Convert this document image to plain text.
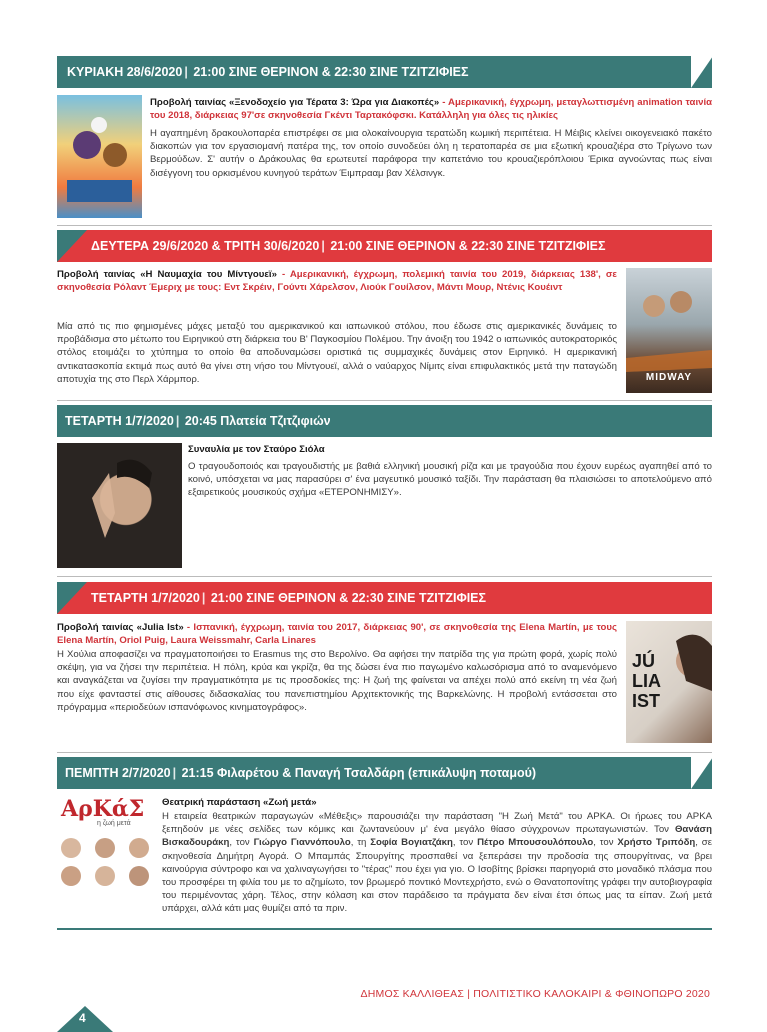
ΚΥΡΙΑΚΗ 28/6/2020 | 21:00 ΣΙΝΕ ΘΕΡΙΝΟΝ & 22:30 ΣΙΝΕ ΤΖΙΤΖΙΦΙΕΣ

Προβολή ταινίας «Ξενοδοχείο για Τέρατα 3: Ώρα για Διακοπές» - Αμερικανική, έγχρωμη, μεταγλωττισμένη animation ταινία του 2018, διάρκειας 97'σε σκηνοθεσία Γκέντι Ταρτακόφσκι. Κατάλληλη για όλες τις ηλικίες

Η αγαπημένη δρακουλοπαρέα επιστρέφει σε μια ολοκαίνουργια τερατώδη κωμική περιπέτεια. Η Μέιβις κλείνει οικογενειακό πακέτο διακοπών για τον εργασιομανή πατέρα της, τον οποίο συνοδεύει όλη η τερατοπαρέα σε μια εξωτική κρουαζιέρα στο Τρίγωνο των Βερμούδων. Σ' αυτήν ο Δράκουλας θα ερωτευτεί παράφορα την καπετάνιο του κρουαζιερόπλοιου Έρικα αγνοώντας πως είναι δισέγγονη του ορκισμένου κυνηγού τεράτων Έιμπρααμ βαν Χέλσινγκ.

ΔΕΥΤΕΡΑ 29/6/2020 & ΤΡΙΤΗ 30/6/2020 | 21:00 ΣΙΝΕ ΘΕΡΙΝΟΝ & 22:30 ΣΙΝΕ ΤΖΙΤΖΙΦΙΕΣ

Προβολή ταινίας «Η Ναυμαχία του Μίντγουεϊ» - Αμερικανική, έγχρωμη, πολεμική ταινία του 2019, διάρκειας 138', σε σκηνοθεσία Ρόλαντ Έμεριχ με τους: Εντ Σκρέιν, Γούντι Χάρελσον, Λιούκ Γουίλσον, Μάντι Μουρ, Ντένις Κουέιντ

Μία από τις πιο φημισμένες μάχες μεταξύ του αμερικανικού και ιαπωνικού στόλου, που έδωσε στις αμερικανικές δυνάμεις το προβάδισμα στο μέτωπο του Ειρηνικού στη διάρκεια του Β' Παγκοσμίου Πολέμου. Την άνοιξη του 1942 ο ιαπωνικός αυτοκρατορικός στόλος ετοιμάζει το χτύπημα το οποίο θα αποδυναμώσει οριστικά τις συμμαχικές δυνάμεις στον Ειρηνικό. Η αμερικανική αντικατασκοπία εκτιμά πως αυτό θα γίνει στη νήσο του Μίντγουεϊ, αλλά ο ναύαρχος Νίμιτς είναι επιφυλακτικός μετά την παταγώδη αποτυχία της στο Περλ Χάρμπορ.	MIDWAY
ΤΕΤΑΡΤΗ 1/7/2020 | 20:45 Πλατεία Τζιτζιφιών

Συναυλία με τον Σταύρο Σιόλα

Ο τραγουδοποιός και τραγουδιστής με βαθιά ελληνική μουσική ρίζα και με τραγούδια που έχουν ευρέως αγαπηθεί από το κοινό, υπόσχεται να μας παρασύρει σ' ένα μαγευτικό μουσικό ταξίδι. Την παράσταση θα πλαισιώσει το αποτελούμενο από εξαιρετικούς μουσικούς σχήμα «ΕΤΕΡΟΝΗΜΙΣΥ».

ΤΕΤΑΡΤΗ 1/7/2020 | 21:00 ΣΙΝΕ ΘΕΡΙΝΟΝ & 22:30 ΣΙΝΕ ΤΖΙΤΖΙΦΙΕΣ

Προβολή ταινίας «Julia Ist» - Ισπανική, έγχρωμη, ταινία του 2017, διάρκειας 90', σε σκηνοθεσία της Elena Martín, με τους Elena Martín, Oriol Puig, Laura Weissmahr, Carla Linares

Η Χούλια αποφασίζει να πραγματοποιήσει το Erasmus της στο Βερολίνο. Θα αφήσει την πατρίδα της για πρώτη φορά, χωρίς πολύ σκέψη, για να ζήσει την περιπέτεια. Η πόλη, κρύα και γκρίζα, θα της δώσει ένα πιο παγωμένο καλωσόρισμα από το αναμενόμενο και αναγκάζεται να ζυγίσει την πραγματικότητα με τις προσδοκίες της: Η ζωή της φαίνεται να απέχει πολύ από εκείνη τη νέα ζωή που είχε φανταστεί στις αίθουσες διδασκαλίας του πανεπιστημίου Αρχιτεκτονικής της Βαρκελώνης. Η προβολή εντάσσεται στο πρόγραμμα «περιοδεύων ισπανόφωνος κινηματογράφος».

JÚ LIA IST
ΠΕΜΠΤΗ 2/7/2020 | 21:15 Φιλαρέτου & Παναγή Τσαλδάρη (επικάλυψη ποταμού)
ΑρΚάΣ
η ζωή μετά

Θεατρική παράσταση «Ζωή μετά»

Η εταιρεία θεατρικών παραγωγών «Μέθεξις» παρουσιάζει την παράσταση "Η Ζωή Μετά" του ΑΡΚΑ. Οι ήρωες του ΑΡΚΑ ξεπηδούν με νέες σελίδες των κόμικς και ζωντανεύουν μ' ένα μεγάλο θίασο σύγχρονων πρωταγωνιστών. Τον Θανάση Βισκαδουράκη, τον Γιώργο Γιαννόπουλο, τη Σοφία Βογιατζάκη, τον Πέτρο Μπουσουλόπουλο, τον Χρήστο Τριπόδη, σε σκηνοθεσία Δημήτρη Αγορά. Ο Μπαμπάς Σπουργίτης προσπαθεί να ξεπεράσει την προδοσία της σπουργίτινας, να βρει καινούργια σύντροφο και να χαλιναγωγήσει το "τέρας" που έχει για γιο. Ο Ισοβίτης βρίσκει παρηγοριά στο μοναδικό πλάσμα που του προσφέρει τη φιλία του με το αζημίωτο, τον βρωμερό ποντικό Μοντεχρήστο, ενώ ο Θανατοπονίτης γράφει την αυτοβιογραφία του περιμένοντας χάρη. Τέλος, στην κόλαση και στον παράδεισο τα πράγματα δεν είναι έτσι όπως μας τα είπαν. Ζωή μετά υπάρχει, αλλά κάτι μας θυμίζει από τα πριν.

4
ΔΗΜΟΣ ΚΑΛΛΙΘΕΑΣ | ΠΟΛΙΤΙΣΤΙΚΟ ΚΑΛΟΚΑΙΡΙ & ΦΘΙΝΟΠΩΡΟ 2020
